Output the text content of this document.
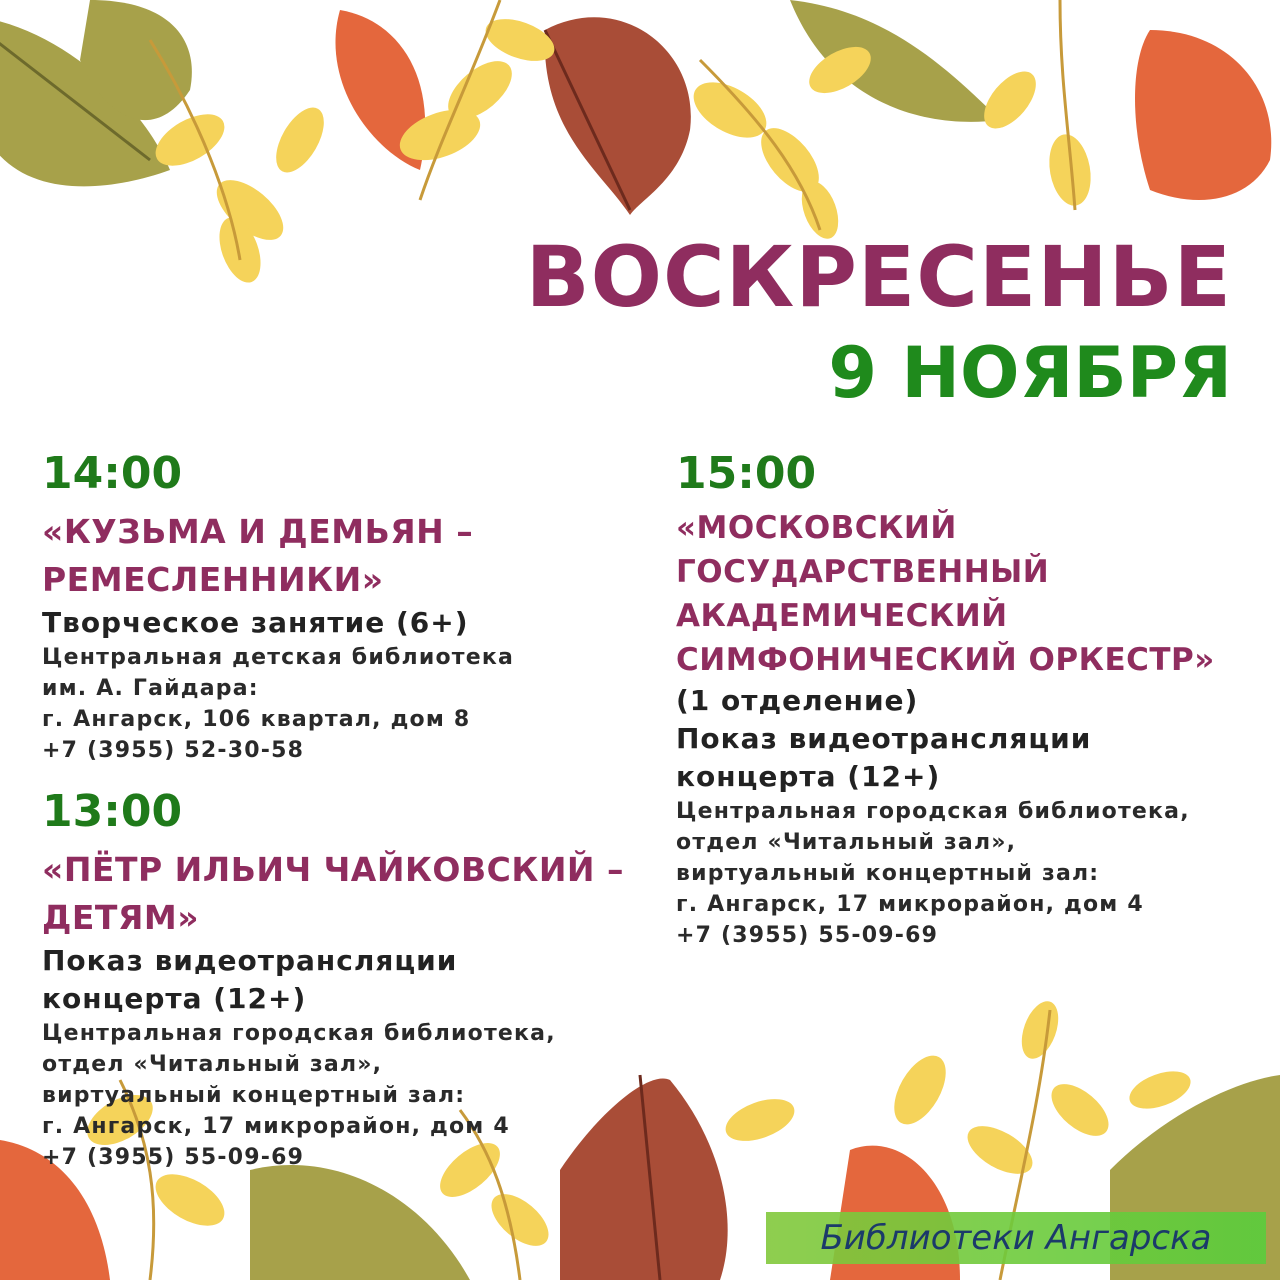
ВОСКРЕСЕНЬЕ
9 НОЯБРЯ
14:00
«КУЗЬМА И ДЕМЬЯН –
РЕМЕСЛЕННИКИ»
Творческое занятие (6+)
Центральная детская библиотека
им. А. Гайдара:
г. Ангарск, 106 квартал, дом 8
+7 (3955) 52-30-58
13:00
«ПЁТР ИЛЬИЧ ЧАЙКОВСКИЙ –
ДЕТЯМ»
Показ видеотрансляции
концерта (12+)
Центральная городская библиотека,
отдел «Читальный зал»,
виртуальный концертный зал:
г. Ангарск, 17 микрорайон, дом 4
+7 (3955) 55-09-69
15:00
«МОСКОВСКИЙ
ГОСУДАРСТВЕННЫЙ
АКАДЕМИЧЕСКИЙ
СИМФОНИЧЕСКИЙ ОРКЕСТР»
(1 отделение)
Показ видеотрансляции
концерта (12+)
Центральная городская библиотека,
отдел «Читальный зал»,
виртуальный концертный зал:
г. Ангарск, 17 микрорайон, дом 4
+7 (3955) 55-09-69
Библиотеки Ангарска
